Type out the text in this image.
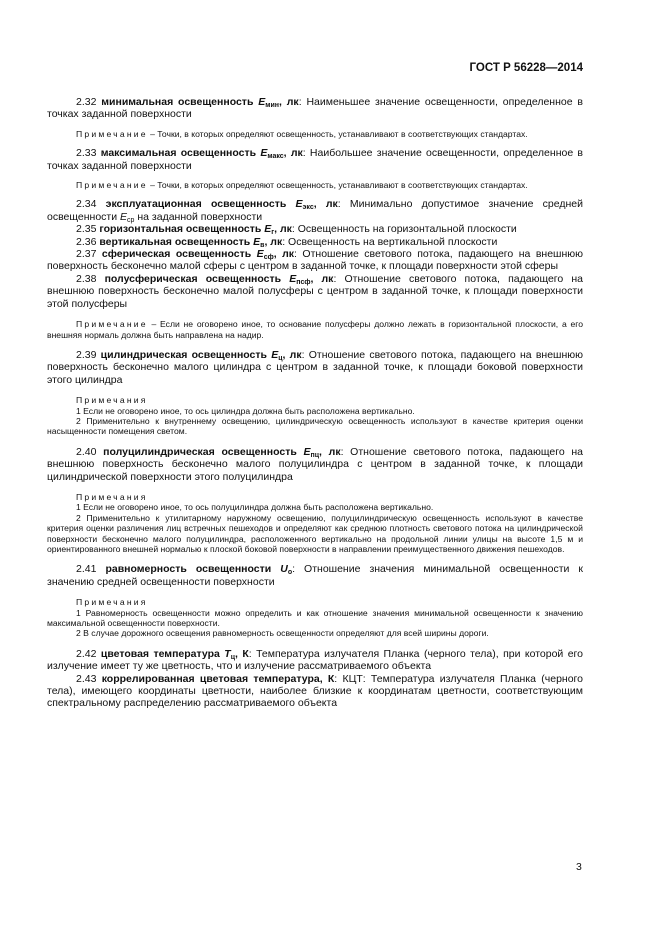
ГОСТ Р 56228—2014

2.32 минимальная освещенность $E_{мин}$, лк: Наименьшее значение освещенности, определенное в точках заданной поверхности

Примечание – Точки, в которых определяют освещенность, устанавливают в соответствующих стандартах.

2.33 максимальная освещенность $E_{макс}$, лк: Наибольшее значение освещенности, определенное в точках заданной поверхности

Примечание – Точки, в которых определяют освещенность, устанавливают в соответствующих стандартах.

2.34 эксплуатационная освещенность $E_{экс}$, лк: Минимально допустимое значение средней освещенности $E_{ср}$ на заданной поверхности

2.35 горизонтальная освещенность $E_г$, лк: Освещенность на горизонтальной плоскости

2.36 вертикальная освещенность $E_в$, лк: Освещенность на вертикальной плоскости

2.37 сферическая освещенность $E_{сф}$, лк: Отношение светового потока, падающего на внешнюю поверхность бесконечно малой сферы с центром в заданной точке, к площади поверхности этой сферы

2.38 полусферическая освещенность $E_{псф}$, лк: Отношение светового потока, падающего на внешнюю поверхность бесконечно малой полусферы с центром в заданной точке, к площади поверхности этой полусферы

Примечание – Если не оговорено иное, то основание полусферы должно лежать в горизонтальной плоскости, а его внешняя нормаль должна быть направлена на надир.

2.39 цилиндрическая освещенность $E_ц$, лк: Отношение светового потока, падающего на внешнюю поверхность бесконечно малого цилиндра с центром в заданной точке, к площади боковой поверхности этого цилиндра

Примечания

1 Если не оговорено иное, то ось цилиндра должна быть расположена вертикально.

2 Применительно к внутреннему освещению, цилиндрическую освещенность используют в качестве критерия оценки насыщенности помещения светом.

2.40 полуцилиндрическая освещенность $E_{пц}$, лк: Отношение светового потока, падающего на внешнюю поверхность бесконечно малого полуцилиндра с центром в заданной точке, к площади цилиндрической поверхности этого полуцилиндра

Примечания

1 Если не оговорено иное, то ось полуцилиндра должна быть расположена вертикально.

2 Применительно к утилитарному наружному освещению, полуцилиндрическую освещенность используют в качестве критерия оценки различения лиц встречных пешеходов и определяют как среднюю плотность светового потока на цилиндрической поверхности бесконечно малого полуцилиндра, расположенного вертикально на продольной линии улицы на высоте 1,5 м и ориентированного внешней нормалью к плоской боковой поверхности в направлении преимущественного движения пешеходов.

2.41 равномерность освещенности $U_о$: Отношение значения минимальной освещенности к значению средней освещенности поверхности

Примечания

1 Равномерность освещенности можно определить и как отношение значения минимальной освещенности к значению максимальной освещенности поверхности.

2 В случае дорожного освещения равномерность освещенности определяют для всей ширины дороги.

2.42 цветовая температура $T_ц$, К: Температура излучателя Планка (черного тела), при которой его излучение имеет ту же цветность, что и излучение рассматриваемого объекта

2.43 коррелированная цветовая температура, К: КЦТ: Температура излучателя Планка (черного тела), имеющего координаты цветности, наиболее близкие к координатам цветности, соответствующим спектральному распределению рассматриваемого объекта

3
